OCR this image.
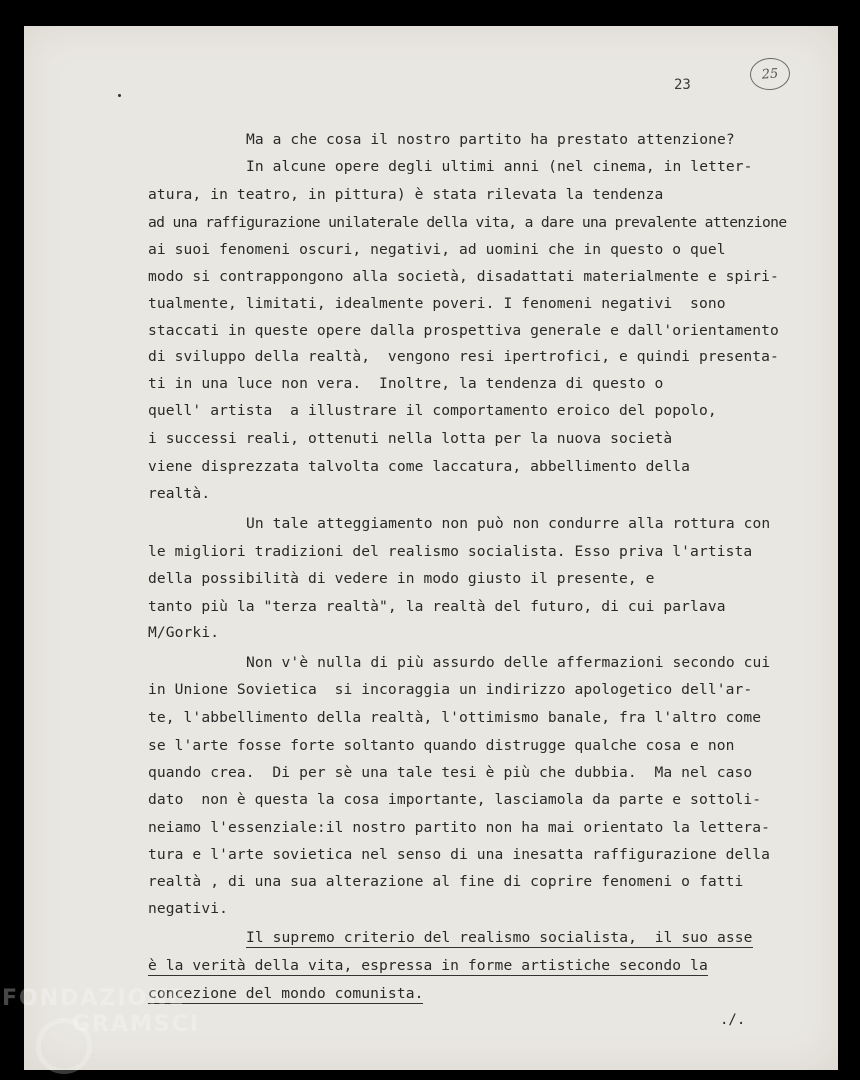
23
25
Ma a che cosa il nostro partito ha prestato attenzione?
In alcune opere degli ultimi anni (nel cinema, in letter-
atura, in teatro, in pittura) è stata rilevata la tendenza
ad una raffigurazione unilaterale della vita, a dare una prevalente attenzione
ai suoi fenomeni oscuri, negativi, ad uomini che in questo o quel
modo si contrappongono alla società, disadattati materialmente e spiri-
tualmente, limitati, idealmente poveri. I fenomeni negativi  sono
staccati in queste opere dalla prospettiva generale e dall'orientamento
di sviluppo della realtà,  vengono resi ipertrofici, e quindi presenta-
ti in una luce non vera.  Inoltre, la tendenza di questo o
quell' artista  a illustrare il comportamento eroico del popolo,
i successi reali, ottenuti nella lotta per la nuova società
viene disprezzata talvolta come laccatura, abbellimento della
realtà.
Un tale atteggiamento non può non condurre alla rottura con
le migliori tradizioni del realismo socialista. Esso priva l'artista
della possibilità di vedere in modo giusto il presente, e
tanto più la "terza realtà", la realtà del futuro, di cui parlava
M/Gorki.
Non v'è nulla di più assurdo delle affermazioni secondo cui
in Unione Sovietica  si incoraggia un indirizzo apologetico dell'ar-
te, l'abbellimento della realtà, l'ottimismo banale, fra l'altro come
se l'arte fosse forte soltanto quando distrugge qualche cosa e non
quando crea.  Di per sè una tale tesi è più che dubbia.  Ma nel caso
dato  non è questa la cosa importante, lasciamola da parte e sottoli-
neiamo l'essenziale:il nostro partito non ha mai orientato la lettera-
tura e l'arte sovietica nel senso di una inesatta raffigurazione della
realtà , di una sua alterazione al fine di coprire fenomeni o fatti
negativi.
Il supremo criterio del realismo socialista,  il suo asse
è la verità della vita, espressa in forme artistiche secondo la
concezione del mondo comunista.
./.
FONDAZIONE
GRAMSCI
